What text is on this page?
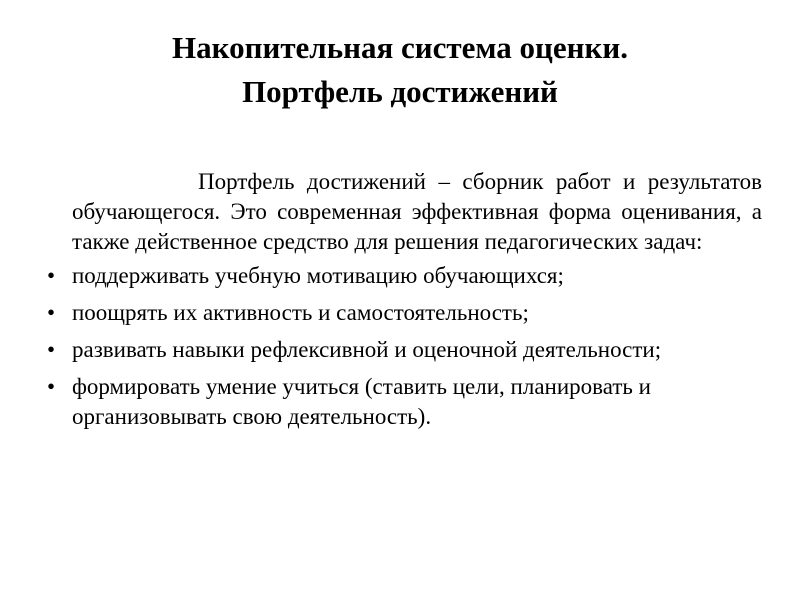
Накопительная система оценки.
Портфель достижений

Портфель достижений – сборник работ и результатов обучающегося. Это современная эффективная форма оценивания, а также действенное средство для решения педагогических задач:

• поддерживать учебную мотивацию обучающихся;
• поощрять их активность и самостоятельность;
• развивать навыки рефлексивной и оценочной деятельности;
• формировать умение учиться (ставить цели, планировать и организовывать свою деятельность).
